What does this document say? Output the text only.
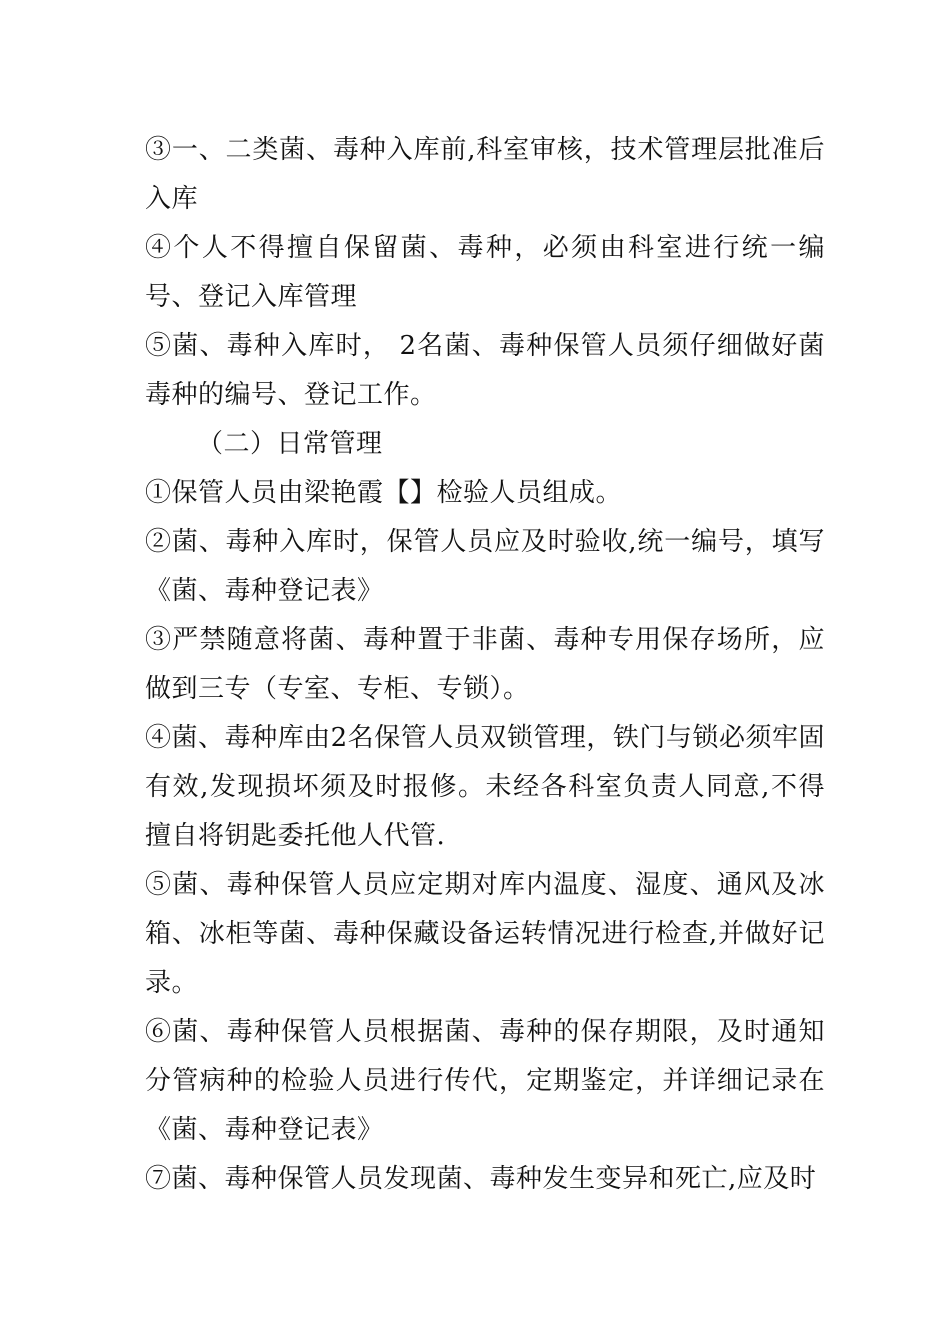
③一、二类菌、毒种入库前,科室审核，技术管理层批准后入库

④个人不得擅自保留菌、毒种，必须由科室进行统一编号、登记入库管理

⑤菌、毒种入库时， 2名菌、毒种保管人员须仔细做好菌毒种的编号、登记工作。

（二）日常管理

①保管人员由梁艳霞【】检验人员组成。

②菌、毒种入库时，保管人员应及时验收,统一编号，填写《菌、毒种登记表》

③严禁随意将菌、毒种置于非菌、毒种专用保存场所，应做到三专（专室、专柜、专锁）。

④菌、毒种库由2名保管人员双锁管理，铁门与锁必须牢固有效,发现损坏须及时报修。未经各科室负责人同意,不得擅自将钥匙委托他人代管.

⑤菌、毒种保管人员应定期对库内温度、湿度、通风及冰箱、冰柜等菌、毒种保藏设备运转情况进行检查,并做好记录。

⑥菌、毒种保管人员根据菌、毒种的保存期限，及时通知分管病种的检验人员进行传代，定期鉴定，并详细记录在《菌、毒种登记表》

⑦菌、毒种保管人员发现菌、毒种发生变异和死亡,应及时
